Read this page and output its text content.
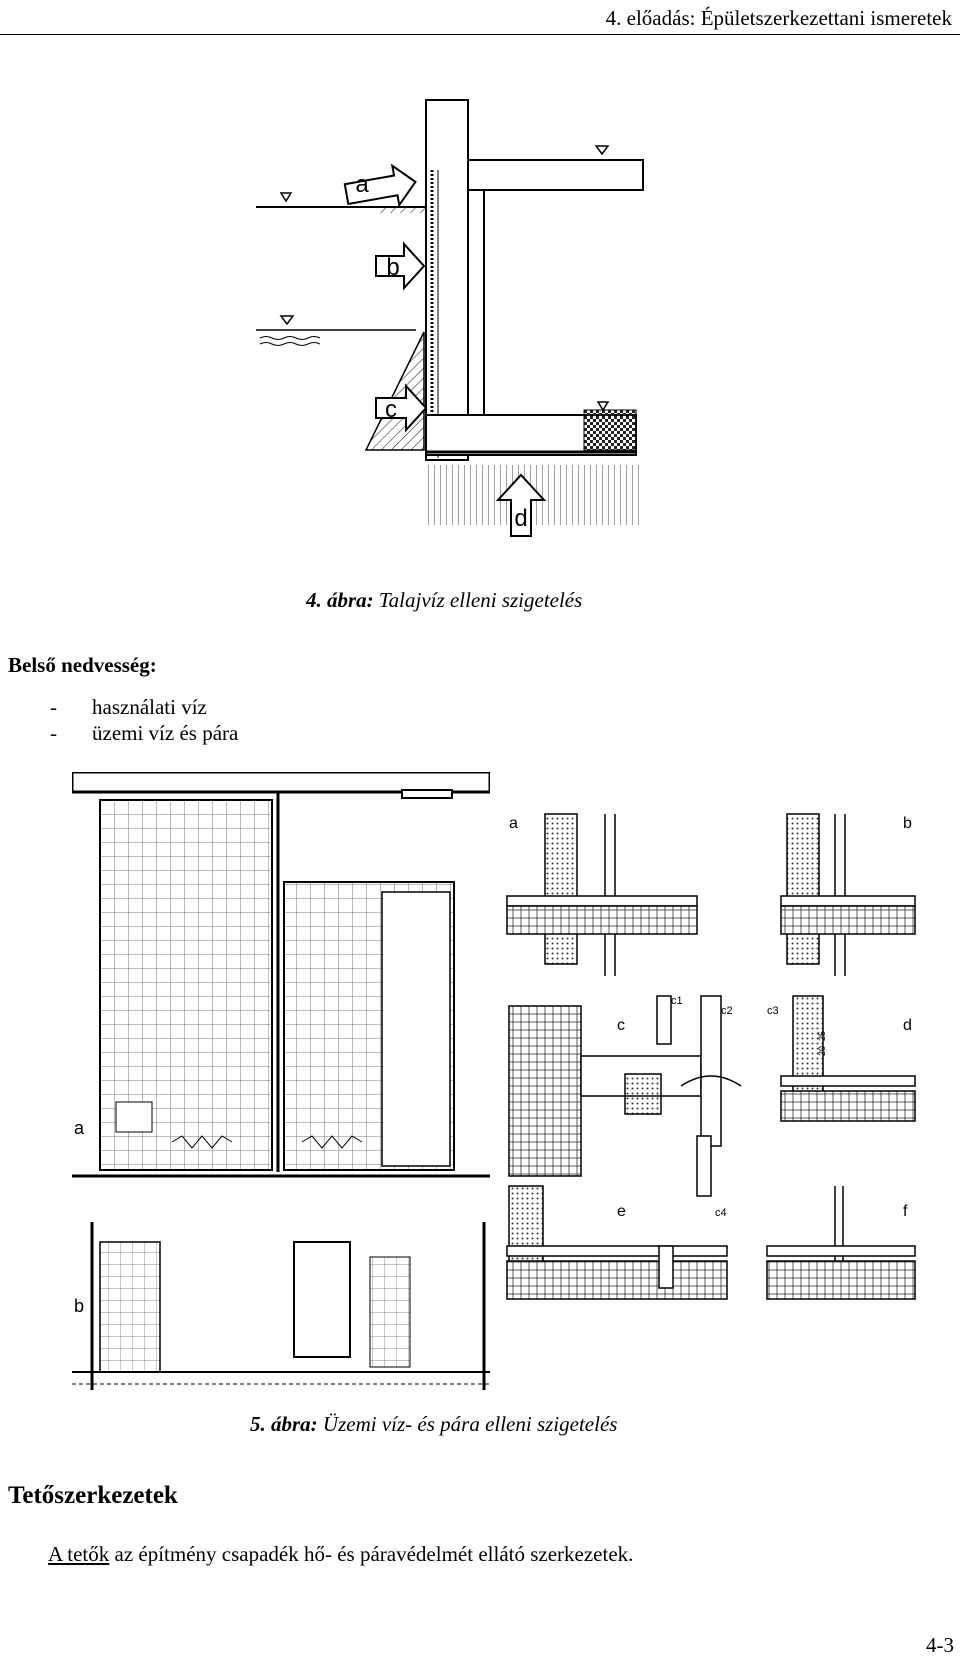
4. előadás: Épületszerkezettani ismeretek
a
b
c
d
4. ábra: Talajvíz elleni szigetelés
Belső nedvesség:
- használati víz
- üzemi víz és pára
a
b
a	b
c
c1
c2	c3
d
e	c4	f
20–25
5. ábra: Üzemi víz- és pára elleni szigetelés
Tetőszerkezetek
A tetők az építmény csapadék hő- és páravédelmét ellátó szerkezetek.
4-3
